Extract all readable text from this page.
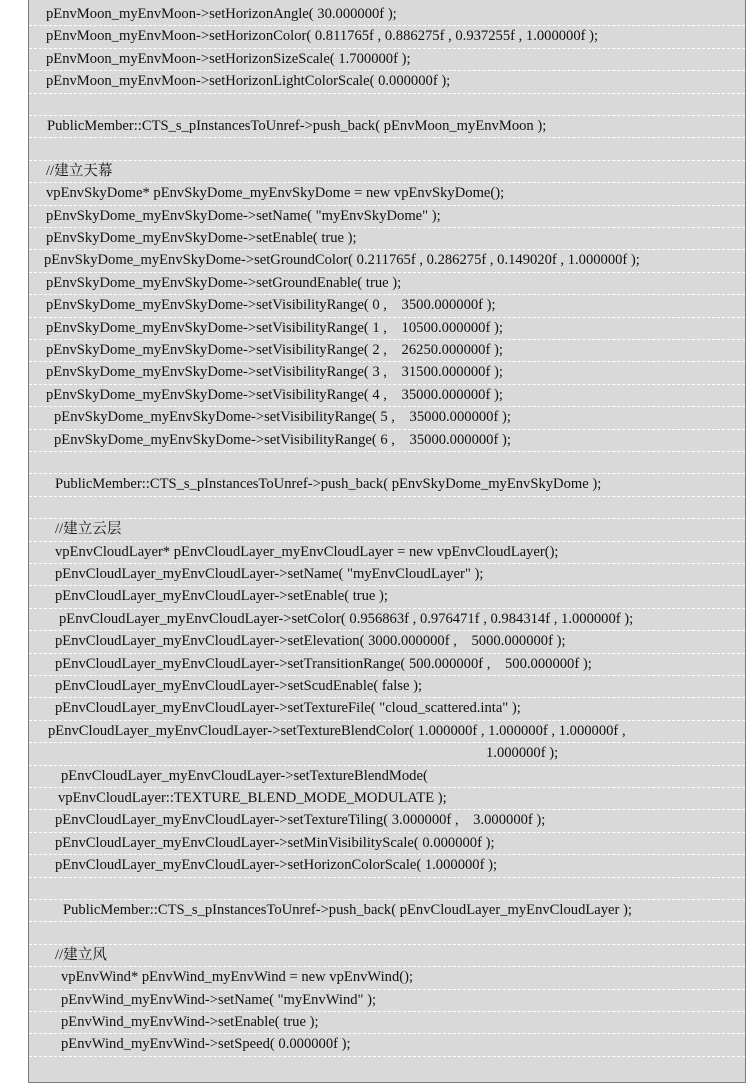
pEnvMoon_myEnvMoon->setHorizonAngle( 30.000000f );
pEnvMoon_myEnvMoon->setHorizonColor( 0.811765f , 0.886275f , 0.937255f , 1.000000f );
pEnvMoon_myEnvMoon->setHorizonSizeScale( 1.700000f );
pEnvMoon_myEnvMoon->setHorizonLightColorScale( 0.000000f );
PublicMember::CTS_s_pInstancesToUnref->push_back( pEnvMoon_myEnvMoon );
//建立天幕
vpEnvSkyDome* pEnvSkyDome_myEnvSkyDome = new vpEnvSkyDome();
pEnvSkyDome_myEnvSkyDome->setName( "myEnvSkyDome" );
pEnvSkyDome_myEnvSkyDome->setEnable( true );
pEnvSkyDome_myEnvSkyDome->setGroundColor( 0.211765f , 0.286275f , 0.149020f , 1.000000f );
pEnvSkyDome_myEnvSkyDome->setGroundEnable( true );
pEnvSkyDome_myEnvSkyDome->setVisibilityRange( 0 ,    3500.000000f );
pEnvSkyDome_myEnvSkyDome->setVisibilityRange( 1 ,    10500.000000f );
pEnvSkyDome_myEnvSkyDome->setVisibilityRange( 2 ,    26250.000000f );
pEnvSkyDome_myEnvSkyDome->setVisibilityRange( 3 ,    31500.000000f );
pEnvSkyDome_myEnvSkyDome->setVisibilityRange( 4 ,    35000.000000f );
pEnvSkyDome_myEnvSkyDome->setVisibilityRange( 5 ,    35000.000000f );
pEnvSkyDome_myEnvSkyDome->setVisibilityRange( 6 ,    35000.000000f );
PublicMember::CTS_s_pInstancesToUnref->push_back( pEnvSkyDome_myEnvSkyDome );
//建立云层
vpEnvCloudLayer* pEnvCloudLayer_myEnvCloudLayer = new vpEnvCloudLayer();
pEnvCloudLayer_myEnvCloudLayer->setName( "myEnvCloudLayer" );
pEnvCloudLayer_myEnvCloudLayer->setEnable( true );
pEnvCloudLayer_myEnvCloudLayer->setColor( 0.956863f , 0.976471f , 0.984314f , 1.000000f );
pEnvCloudLayer_myEnvCloudLayer->setElevation( 3000.000000f ,    5000.000000f );
pEnvCloudLayer_myEnvCloudLayer->setTransitionRange( 500.000000f ,    500.000000f );
pEnvCloudLayer_myEnvCloudLayer->setScudEnable( false );
pEnvCloudLayer_myEnvCloudLayer->setTextureFile( "cloud_scattered.inta" );
pEnvCloudLayer_myEnvCloudLayer->setTextureBlendColor( 1.000000f , 1.000000f , 1.000000f ,
1.000000f );
pEnvCloudLayer_myEnvCloudLayer->setTextureBlendMode(
vpEnvCloudLayer::TEXTURE_BLEND_MODE_MODULATE );
pEnvCloudLayer_myEnvCloudLayer->setTextureTiling( 3.000000f ,    3.000000f );
pEnvCloudLayer_myEnvCloudLayer->setMinVisibilityScale( 0.000000f );
pEnvCloudLayer_myEnvCloudLayer->setHorizonColorScale( 1.000000f );
PublicMember::CTS_s_pInstancesToUnref->push_back( pEnvCloudLayer_myEnvCloudLayer );
//建立风
vpEnvWind* pEnvWind_myEnvWind = new vpEnvWind();
pEnvWind_myEnvWind->setName( "myEnvWind" );
pEnvWind_myEnvWind->setEnable( true );
pEnvWind_myEnvWind->setSpeed( 0.000000f );
